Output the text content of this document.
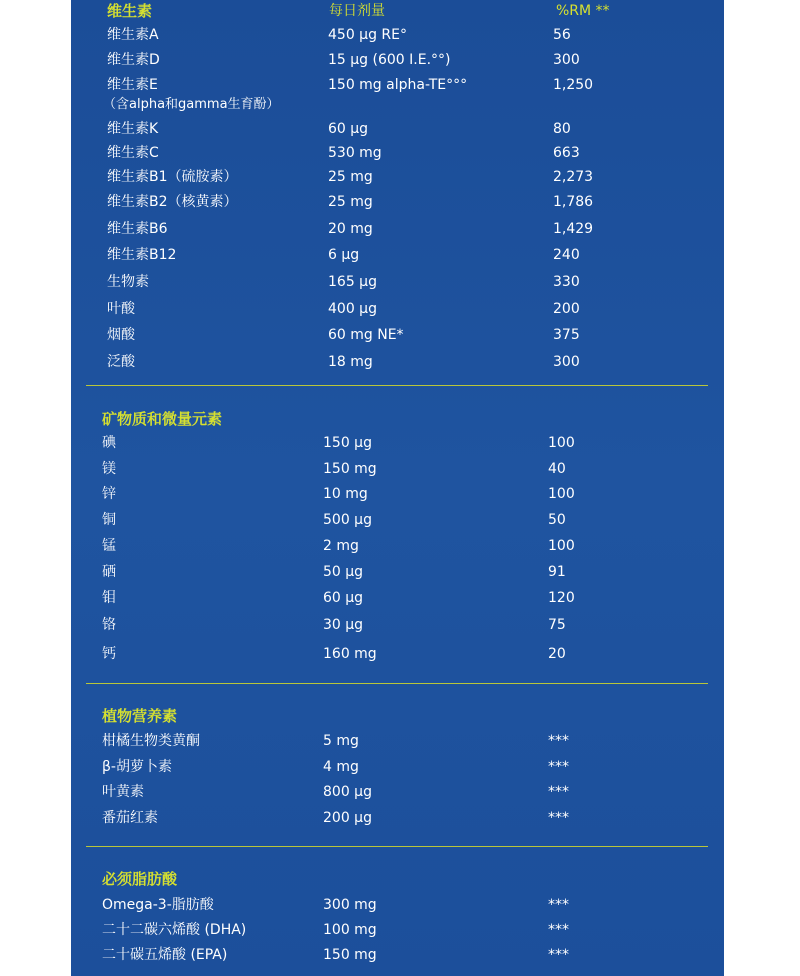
维生素	每日剂量	%RM **
维生素A	450 µg RE°	56
维生素D	15 µg (600 I.E.°°)	300
维生素E	150 mg alpha-TE°°°	1,250
（含alpha和gamma生育酚）
维生素K	60 µg	80
维生素C	530 mg	663
维生素B1（硫胺素）	25 mg	2,273
维生素B2（核黄素）	25 mg	1,786
维生素B6	20 mg	1,429
维生素B12	6 µg	240
生物素	165 µg	330
叶酸	400 µg	200
烟酸	60 mg NE*	375
泛酸	18 mg	300
矿物质和微量元素
碘	150 µg	100
镁	150 mg	40
锌	10 mg	100
铜	500 µg	50
锰	2 mg	100
硒	50 µg	91
钼	60 µg	120
铬	30 µg	75
钙	160 mg	20
植物营养素
柑橘生物类黄酮	5 mg	***
β-胡萝卜素	4 mg	***
叶黄素	800 µg	***
番茄红素	200 µg	***
必须脂肪酸
Omega-3-脂肪酸	300 mg	***
二十二碳六烯酸 (DHA)	100 mg	***
二十碳五烯酸 (EPA)	150 mg	***
